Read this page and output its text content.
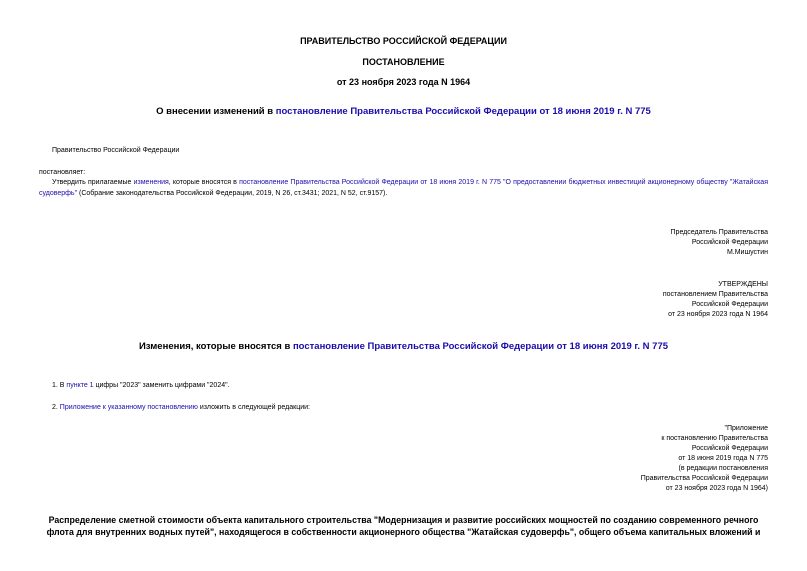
ПРАВИТЕЛЬСТВО РОССИЙСКОЙ ФЕДЕРАЦИИ
ПОСТАНОВЛЕНИЕ
от 23 ноября 2023 года N 1964
О внесении изменений в постановление Правительства Российской Федерации от 18 июня 2019 г. N 775
Правительство Российской Федерации
постановляет:
Утвердить прилагаемые изменения, которые вносятся в постановление Правительства Российской Федерации от 18 июня 2019 г. N 775 "О предоставлении бюджетных инвестиций акционерному обществу "Жатайская судоверфь" (Собрание законодательства Российской Федерации, 2019, N 26, ст.3431; 2021, N 52, ст.9157).
Председатель Правительства
Российской Федерации
М.Мишустин
УТВЕРЖДЕНЫ
постановлением Правительства
Российской Федерации
от 23 ноября 2023 года N 1964
Изменения, которые вносятся в постановление Правительства Российской Федерации от 18 июня 2019 г. N 775
1. В пункте 1 цифры "2023" заменить цифрами "2024".
2. Приложение к указанному постановлению изложить в следующей редакции:
"Приложение
к постановлению Правительства
Российской Федерации
от 18 июня 2019 года N 775
(в редакции постановления
Правительства Российской Федерации
от 23 ноября 2023 года N 1964)
Распределение сметной стоимости объекта капитального строительства "Модернизация и развитие российских мощностей по созданию современного речного
флота для внутренних водных путей", находящегося в собственности акционерного общества "Жатайская судоверфь", общего объема капитальных вложений и
